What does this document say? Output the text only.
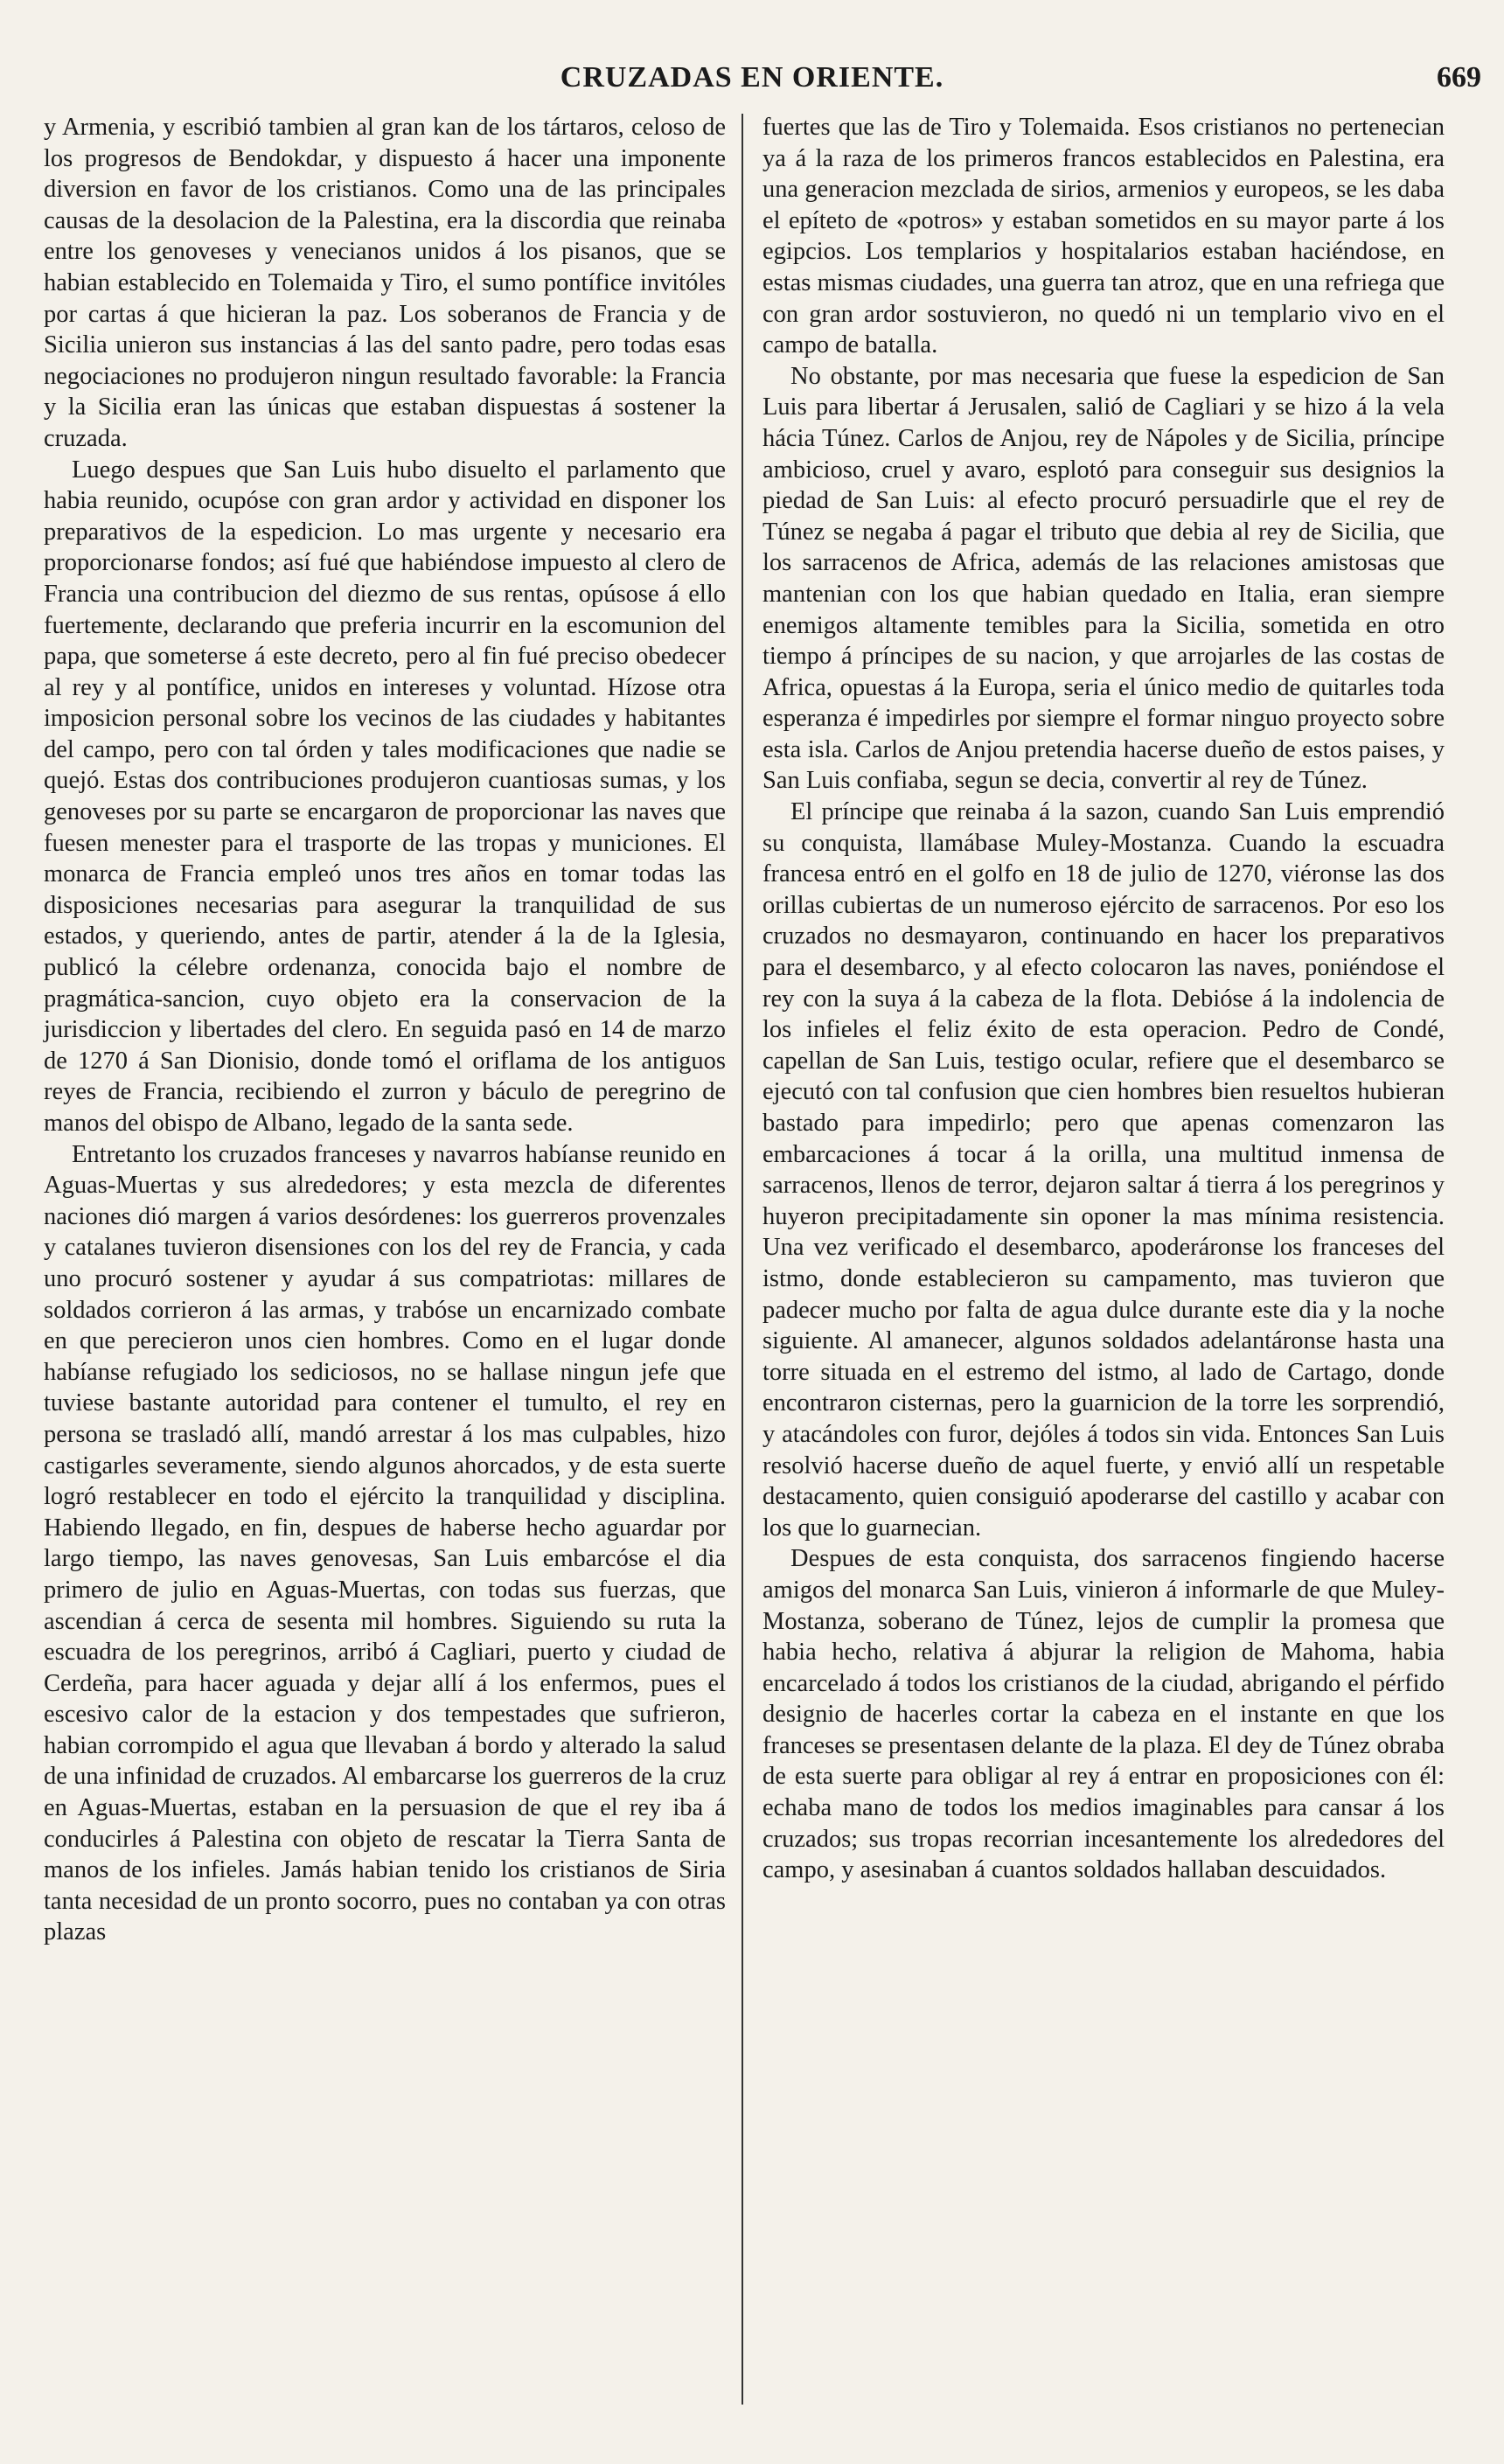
CRUZADAS EN ORIENTE.	669

y Armenia, y escribió tambien al gran kan de los tártaros, celoso de los progresos de Bendokdar, y dispuesto á hacer una imponente diversion en favor de los cristianos. Como una de las principales causas de la desolacion de la Palestina, era la discordia que reinaba entre los genoveses y venecianos unidos á los pisanos, que se habian establecido en Tolemaida y Tiro, el sumo pontífice invitóles por cartas á que hicieran la paz. Los soberanos de Francia y de Sicilia unieron sus instancias á las del santo padre, pero todas esas negociaciones no produjeron ningun resultado favorable: la Francia y la Sicilia eran las únicas que estaban dispuestas á sostener la cruzada.

Luego despues que San Luis hubo disuelto el parlamento que habia reunido, ocupóse con gran ardor y actividad en disponer los preparativos de la espedicion. Lo mas urgente y necesario era proporcionarse fondos; así fué que habiéndose impuesto al clero de Francia una contribucion del diezmo de sus rentas, opúsose á ello fuertemente, declarando que preferia incurrir en la escomunion del papa, que someterse á este decreto, pero al fin fué preciso obedecer al rey y al pontífice, unidos en intereses y voluntad. Hízose otra imposicion personal sobre los vecinos de las ciudades y habitantes del campo, pero con tal órden y tales modificaciones que nadie se quejó. Estas dos contribuciones produjeron cuantiosas sumas, y los genoveses por su parte se encargaron de proporcionar las naves que fuesen menester para el trasporte de las tropas y municiones. El monarca de Francia empleó unos tres años en tomar todas las disposiciones necesarias para asegurar la tranquilidad de sus estados, y queriendo, antes de partir, atender á la de la Iglesia, publicó la célebre ordenanza, conocida bajo el nombre de pragmática-sancion, cuyo objeto era la conservacion de la jurisdiccion y libertades del clero. En seguida pasó en 14 de marzo de 1270 á San Dionisio, donde tomó el oriflama de los antiguos reyes de Francia, recibiendo el zurron y báculo de peregrino de manos del obispo de Albano, legado de la santa sede.

Entretanto los cruzados franceses y navarros habíanse reunido en Aguas-Muertas y sus alrededores; y esta mezcla de diferentes naciones dió margen á varios desórdenes: los guerreros provenzales y catalanes tuvieron disensiones con los del rey de Francia, y cada uno procuró sostener y ayudar á sus compatriotas: millares de soldados corrieron á las armas, y trabóse un encarnizado combate en que perecieron unos cien hombres. Como en el lugar donde habíanse refugiado los sediciosos, no se hallase ningun jefe que tuviese bastante autoridad para contener el tumulto, el rey en persona se trasladó allí, mandó arrestar á los mas culpables, hizo castigarles severamente, siendo algunos ahorcados, y de esta suerte logró restablecer en todo el ejército la tranquilidad y disciplina. Habiendo llegado, en fin, despues de haberse hecho aguardar por largo tiempo, las naves genovesas, San Luis embarcóse el dia primero de julio en Aguas-Muertas, con todas sus fuerzas, que ascendian á cerca de sesenta mil hombres. Siguiendo su ruta la escuadra de los peregrinos, arribó á Cagliari, puerto y ciudad de Cerdeña, para hacer aguada y dejar allí á los enfermos, pues el escesivo calor de la estacion y dos tempestades que sufrieron, habian corrompido el agua que llevaban á bordo y alterado la salud de una infinidad de cruzados. Al embarcarse los guerreros de la cruz en Aguas-Muertas, estaban en la persuasion de que el rey iba á conducirles á Palestina con objeto de rescatar la Tierra Santa de manos de los infieles. Jamás habian tenido los cristianos de Siria tanta necesidad de un pronto socorro, pues no contaban ya con otras plazas

fuertes que las de Tiro y Tolemaida. Esos cristianos no pertenecian ya á la raza de los primeros francos establecidos en Palestina, era una generacion mezclada de sirios, armenios y europeos, se les daba el epíteto de «potros» y estaban sometidos en su mayor parte á los egipcios. Los templarios y hospitalarios estaban haciéndose, en estas mismas ciudades, una guerra tan atroz, que en una refriega que con gran ardor sostuvieron, no quedó ni un templario vivo en el campo de batalla.

No obstante, por mas necesaria que fuese la espedicion de San Luis para libertar á Jerusalen, salió de Cagliari y se hizo á la vela hácia Túnez. Carlos de Anjou, rey de Nápoles y de Sicilia, príncipe ambicioso, cruel y avaro, esplotó para conseguir sus designios la piedad de San Luis: al efecto procuró persuadirle que el rey de Túnez se negaba á pagar el tributo que debia al rey de Sicilia, que los sarracenos de Africa, además de las relaciones amistosas que mantenian con los que habian quedado en Italia, eran siempre enemigos altamente temibles para la Sicilia, sometida en otro tiempo á príncipes de su nacion, y que arrojarles de las costas de Africa, opuestas á la Europa, seria el único medio de quitarles toda esperanza é impedirles por siempre el formar ninguo proyecto sobre esta isla. Carlos de Anjou pretendia hacerse dueño de estos paises, y San Luis confiaba, segun se decia, convertir al rey de Túnez.

El príncipe que reinaba á la sazon, cuando San Luis emprendió su conquista, llamábase Muley-Mostanza. Cuando la escuadra francesa entró en el golfo en 18 de julio de 1270, viéronse las dos orillas cubiertas de un numeroso ejército de sarracenos. Por eso los cruzados no desmayaron, continuando en hacer los preparativos para el desembarco, y al efecto colocaron las naves, poniéndose el rey con la suya á la cabeza de la flota. Debióse á la indolencia de los infieles el feliz éxito de esta operacion. Pedro de Condé, capellan de San Luis, testigo ocular, refiere que el desembarco se ejecutó con tal confusion que cien hombres bien resueltos hubieran bastado para impedirlo; pero que apenas comenzaron las embarcaciones á tocar á la orilla, una multitud inmensa de sarracenos, llenos de terror, dejaron saltar á tierra á los peregrinos y huyeron precipitadamente sin oponer la mas mínima resistencia. Una vez verificado el desembarco, apoderáronse los franceses del istmo, donde establecieron su campamento, mas tuvieron que padecer mucho por falta de agua dulce durante este dia y la noche siguiente. Al amanecer, algunos soldados adelantáronse hasta una torre situada en el estremo del istmo, al lado de Cartago, donde encontraron cisternas, pero la guarnicion de la torre les sorprendió, y atacándoles con furor, dejóles á todos sin vida. Entonces San Luis resolvió hacerse dueño de aquel fuerte, y envió allí un respetable destacamento, quien consiguió apoderarse del castillo y acabar con los que lo guarnecian.

Despues de esta conquista, dos sarracenos fingiendo hacerse amigos del monarca San Luis, vinieron á informarle de que Muley-Mostanza, soberano de Túnez, lejos de cumplir la promesa que habia hecho, relativa á abjurar la religion de Mahoma, habia encarcelado á todos los cristianos de la ciudad, abrigando el pérfido designio de hacerles cortar la cabeza en el instante en que los franceses se presentasen delante de la plaza. El dey de Túnez obraba de esta suerte para obligar al rey á entrar en proposiciones con él: echaba mano de todos los medios imaginables para cansar á los cruzados; sus tropas recorrian incesantemente los alrededores del campo, y asesinaban á cuantos soldados hallaban descuidados.
